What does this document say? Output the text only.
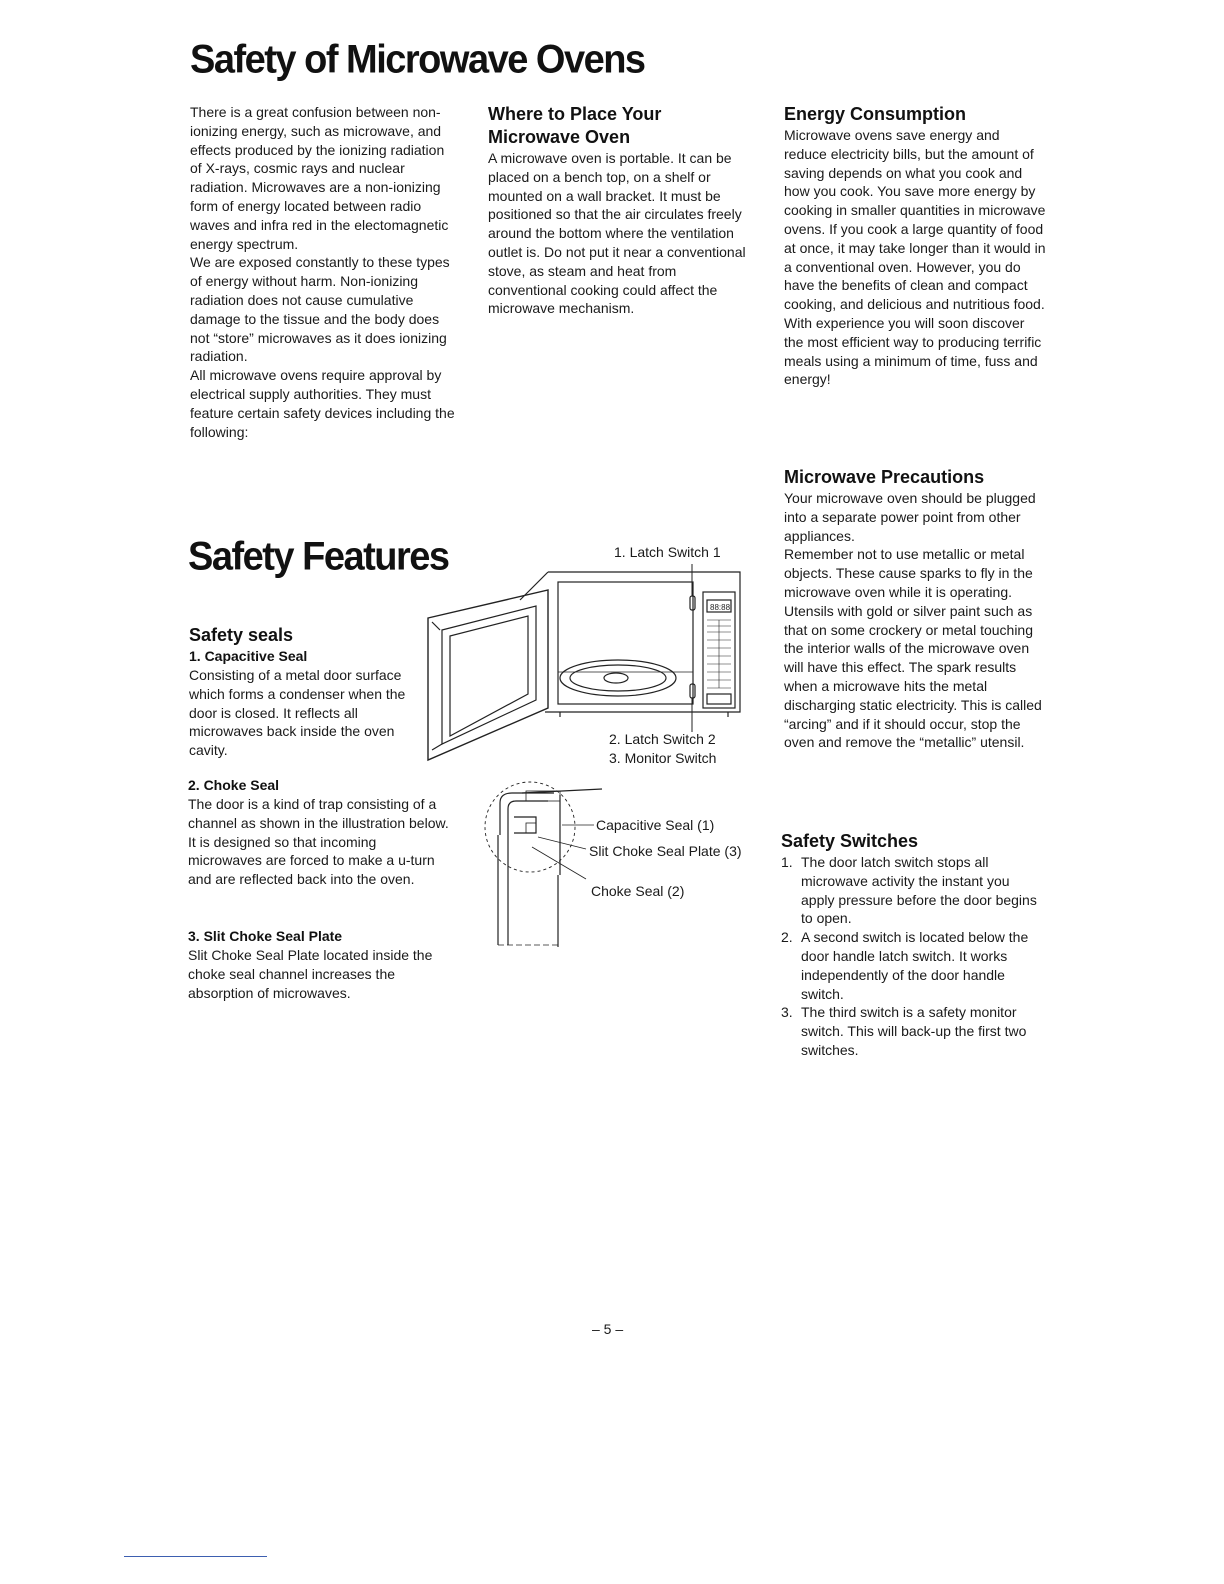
Safety of Microwave Ovens

There is a great confusion between non-ionizing energy, such as microwave, and effects produced by the ionizing radiation of X-rays, cosmic rays and nuclear radiation. Microwaves are a non-ionizing form of energy located between radio waves and infra red in the electomagnetic energy spectrum.

We are exposed constantly to these types of energy without harm. Non-ionizing radiation does not cause cumulative damage to the tissue and the body does not “store” microwaves as it does ionizing radiation.

All microwave ovens require approval by electrical supply authorities. They must feature certain safety devices including the following:

Where to Place Your
Microwave Oven

A microwave oven is portable. It can be placed on a bench top, on a shelf or mounted on a wall bracket. It must be positioned so that the air circulates freely around the bottom where the ventilation outlet is. Do not put it near a conventional stove, as steam and heat from conventional cooking could affect the microwave mechanism.

Energy Consumption

Microwave ovens save energy and reduce electricity bills, but the amount of saving depends on what you cook and how you cook. You save more energy by cooking in smaller quantities in microwave ovens. If you cook a large quantity of food at once, it may take longer than it would in a conventional oven. However, you do have the benefits of clean and compact cooking, and delicious and nutritious food. With experience you will soon discover the most efficient way to producing terrific meals using a minimum of time, fuss and energy!

Microwave Precautions

Your microwave oven should be plugged into a separate power point from other appliances.

Remember not to use metallic or metal objects. These cause sparks to fly in the microwave oven while it is operating. Utensils with gold or silver paint such as that on some crockery or metal touching the interior walls of the microwave oven will have this effect. The spark results when a microwave hits the metal discharging static electricity. This is called “arcing” and if it should occur, stop the oven and remove the “metallic” utensil.

Safety Features
Safety seals
1. Capacitive Seal

Consisting of a metal door surface which forms a condenser when the door is closed. It reflects all microwaves back inside the oven cavity.

2. Choke Seal

The door is a kind of trap consisting of a channel as shown in the illustration below. It is designed so that incoming microwaves are forced to make a u-turn and are reflected back into the oven.

3. Slit Choke Seal Plate

Slit Choke Seal Plate located inside the choke seal channel increases the absorption of microwaves.

1. Latch Switch 1
2. Latch Switch 2
3. Monitor Switch
88:88
Capacitive Seal (1)
Slit Choke Seal Plate (3)
Choke Seal (2)
Safety Switches
1. The door latch switch stops all microwave activity the instant you apply pressure before the door begins to open.
2. A second switch is located below the door handle latch switch. It works independently of the door handle switch.
3. The third switch is a safety monitor switch. This will back-up the first two switches.
– 5 –
